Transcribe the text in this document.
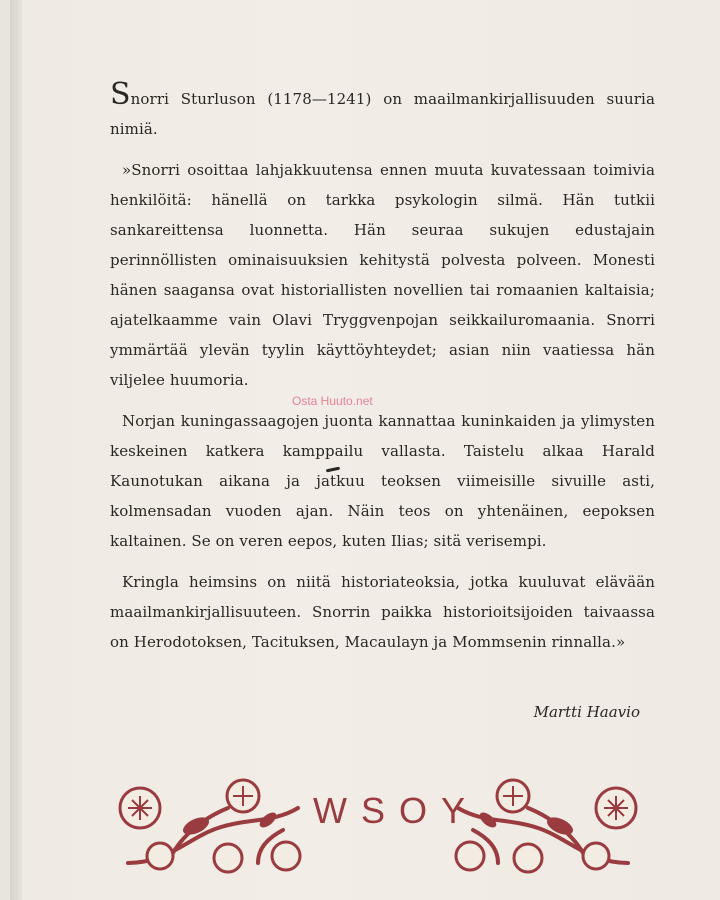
Snorri Sturluson (1178—1241) on maailmankirjallisuuden suuria nimiä.

»Snorri osoittaa lahjakkuutensa ennen muuta kuvatessaan toimivia henkilöitä: hänellä on tarkka psykologin silmä. Hän tutkii sankareittensa luonnetta. Hän seuraa sukujen edustajain perinnöllisten ominaisuuksien kehitystä polvesta polveen. Monesti hänen saagansa ovat historiallisten novellien tai romaanien kaltaisia; ajatelkaamme vain Olavi Tryggvenpojan seikkailuromaania. Snorri ymmärtää ylevän tyylin käyttöyhteydet; asian niin vaatiessa hän viljelee huumoria.

Norjan kuningassaagojen juonta kannattaa kuninkaiden ja ylimysten keskeinen katkera kamppailu vallasta. Taistelu alkaa Harald Kaunotukan aikana ja jatkuu teoksen viimeisille sivuille asti, kolmensadan vuoden ajan. Näin teos on yhtenäinen, eepoksen kaltainen. Se on veren eepos, kuten Ilias; sitä verisempi.

Kringla heimsins on niitä historiateoksia, jotka kuuluvat elävään maailmankirjallisuuteen. Snorrin paikka historioitsijoiden taivaassa on Herodotoksen, Tacituksen, Macaulayn ja Mommsenin rinnalla.»

Martti Haavio
Osta Huuto.net
WSOY
